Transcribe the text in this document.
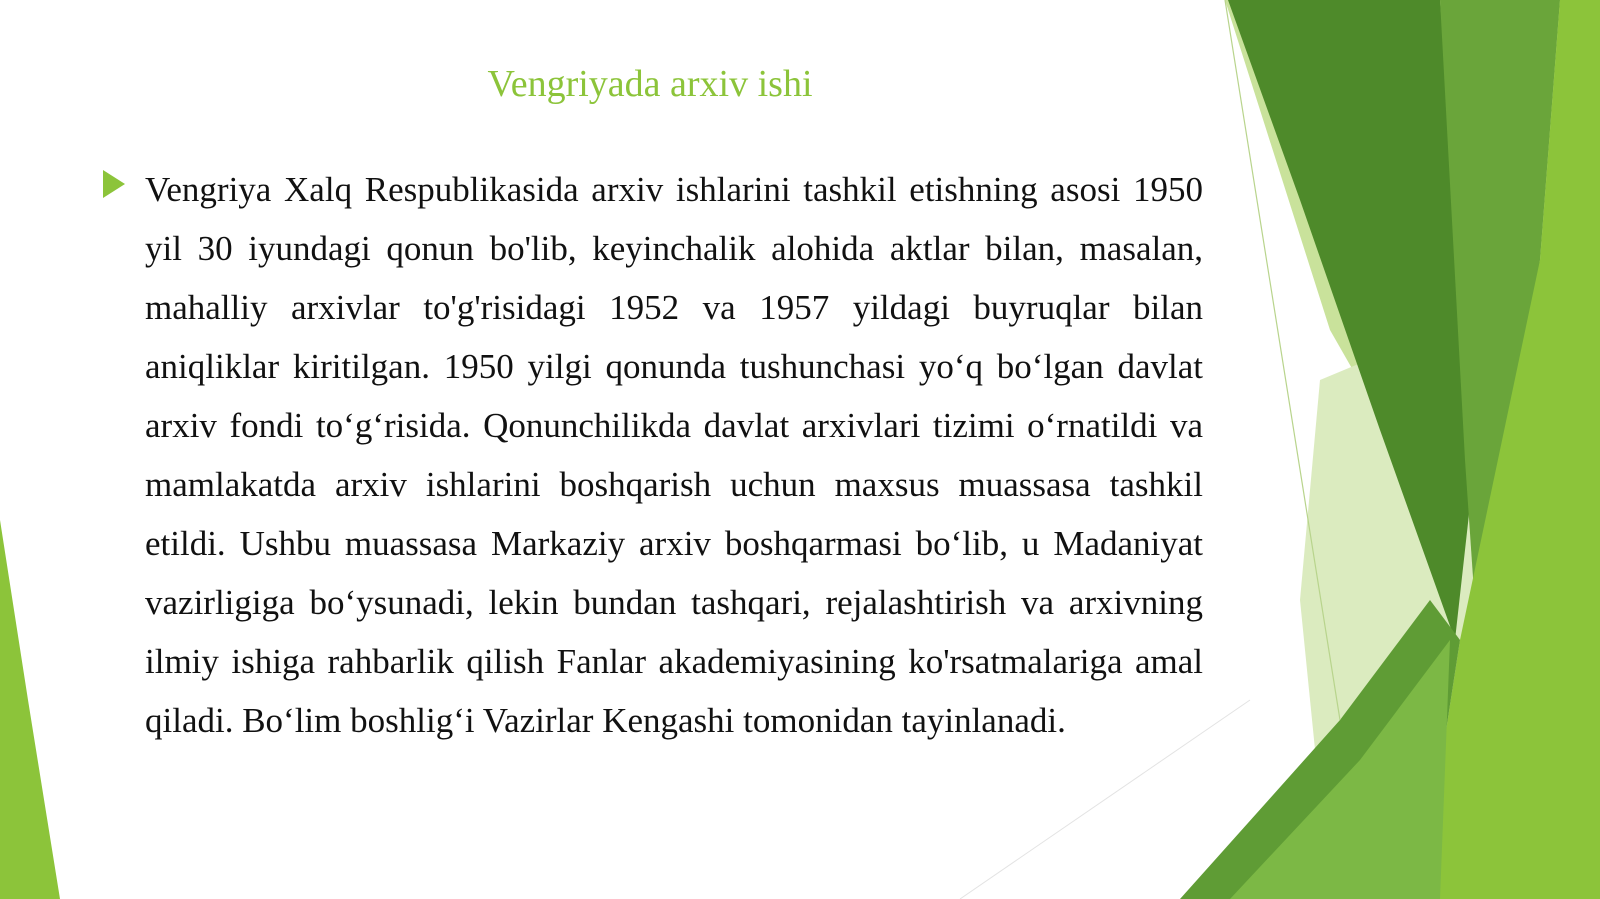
Vengriyada arxiv ishi

Vengriya Xalq Respublikasida arxiv ishlarini tashkil etishning asosi 1950 yil 30 iyundagi qonun bo'lib, keyinchalik alohida aktlar bilan, masalan, mahalliy arxivlar to'g'risidagi 1952 va 1957 yildagi buyruqlar bilan aniqliklar kiritilgan. 1950 yilgi qonunda tushunchasi yo‘q bo‘lgan davlat arxiv fondi to‘g‘risida. Qonunchilikda davlat arxivlari tizimi o‘rnatildi va mamlakatda arxiv ishlarini boshqarish uchun maxsus muassasa tashkil etildi. Ushbu muassasa Markaziy arxiv boshqarmasi bo‘lib, u Madaniyat vazirligiga bo‘ysunadi, lekin bundan tashqari, rejalashtirish va arxivning ilmiy ishiga rahbarlik qilish Fanlar akademiyasining ko'rsatmalariga amal qiladi. Bo‘lim boshlig‘i Vazirlar Kengashi tomonidan tayinlanadi.
